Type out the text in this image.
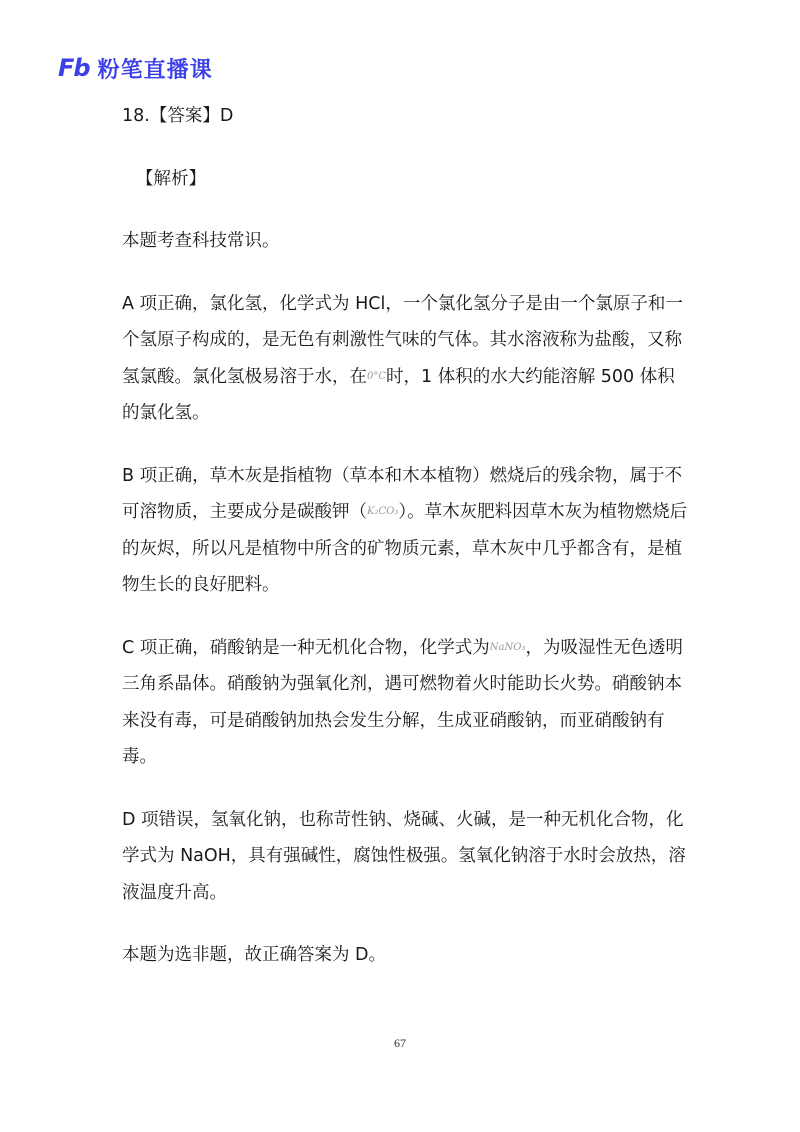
Fb 粉笔直播课
18.【答案】D
【解析】
本题考查科技常识。
A 项正确，氯化氢，化学式为 HCl，一个氯化氢分子是由一个氯原子和一个氢原子构成的，是无色有刺激性气味的气体。其水溶液称为盐酸，又称氢氯酸。氯化氢极易溶于水，在0°C时，1 体积的水大约能溶解 500 体积的氯化氢。
B 项正确，草木灰是指植物（草本和木本植物）燃烧后的残余物，属于不可溶物质，主要成分是碳酸钾（K₂CO₃）。草木灰肥料因草木灰为植物燃烧后的灰烬，所以凡是植物中所含的矿物质元素，草木灰中几乎都含有，是植物生长的良好肥料。
C 项正确，硝酸钠是一种无机化合物，化学式为NaNO₃，为吸湿性无色透明三角系晶体。硝酸钠为强氧化剂，遇可燃物着火时能助长火势。硝酸钠本来没有毒，可是硝酸钠加热会发生分解，生成亚硝酸钠，而亚硝酸钠有毒。
D 项错误，氢氧化钠，也称苛性钠、烧碱、火碱，是一种无机化合物，化学式为 NaOH，具有强碱性，腐蚀性极强。氢氧化钠溶于水时会放热，溶液温度升高。
本题为选非题，故正确答案为 D。
67
